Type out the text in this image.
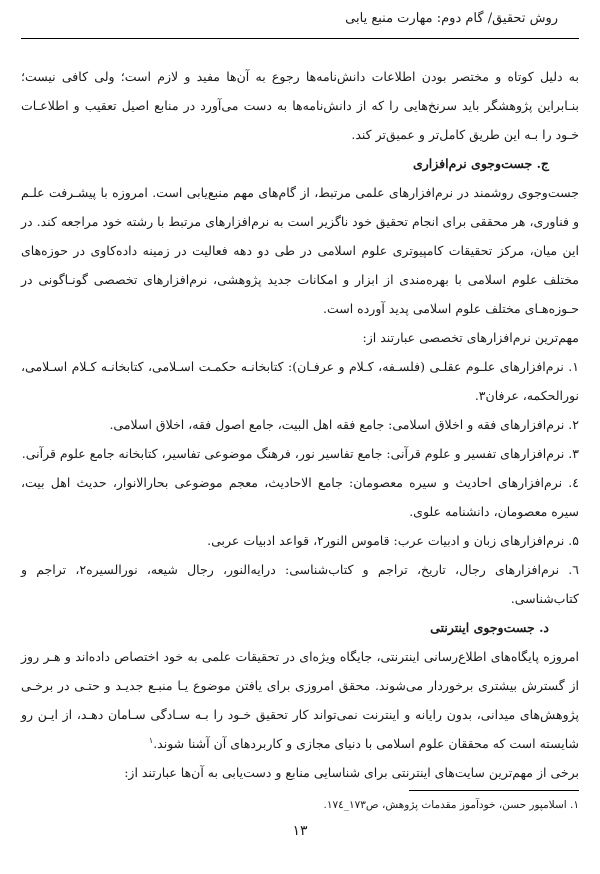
روش تحقیق/ گام دوم: مهارت منبع یابی

به دلیل کوتاه و مختصر بودن اطلاعات دانش‌نامه‌ها رجوع به آن‌ها مفید و لازم است؛ ولی کافی نیست؛ بنـابراین پژوهشگر باید سرنخ‌هایی را که از دانش‌نامه‌ها به دست می‌آورد در منابع اصیل تعقیب و اطلاعـات خـود را بـه این طریق کامل‌تر و عمیق‌تر کند.

ج. جست‌وجوی نرم‌افزاری

جست‌وجوی روشمند در نرم‌افزارهای علمی مرتبط، از گام‌های مهم منبع‌یابی است. امروزه با پیشـرفت علـم و فناوری، هر محققی برای انجام تحقیق خود ناگزیر است به نرم‌افزارهای مرتبط با رشته خود مراجعه کند. در این میان، مرکز تحقیقات کامپیوتری علوم اسلامی در طی دو دهه فعالیت در زمینه داده‌کاوی در حوزه‌های مختلف علوم اسلامی با بهره‌مندی از ابزار و امکانات جدید پژوهشی، نرم‌افزارهای تخصصی گونـاگونی در حـوزه‌هـای مختلف علوم اسلامی پدید آورده است.

مهم‌ترین نرم‌افزارهای تخصصی عبارتند از:

۱. نرم‌افزارهای علـوم عقلـی (فلسـفه، کـلام و عرفـان): کتابخانـه حکمـت اسـلامی، کتابخانـه کـلام اسـلامی، نورالحکمه، عرفان۳.

۲. نرم‌افزارهای فقه و اخلاق اسلامی: جامع فقه اهل البیت، جامع اصول فقه، اخلاق اسلامی.

۳. نرم‌افزارهای تفسیر و علوم قرآنی: جامع تفاسیر نور، فرهنگ موضوعی تفاسیر، کتابخانه جامع علوم قرآنی.

٤. نرم‌افزارهای احادیث و سیره معصومان: جامع الاحادیث، معجم موضوعی بحارالانوار، حدیث اهل بیت، سیره معصومان، دانشنامه علوی.

۵. نرم‌افزارهای زبان و ادبیات عرب: قاموس النور۲، قواعد ادبیات عربی.

٦. نرم‌افزارهای رجال، تاریخ، تراجم و کتاب‌شناسی: درایه‌النور، رجال شیعه، نورالسیره۲، تراجم و کتاب‌شناسی.

د. جست‌وجوی اینترنتی

امروزه پایگاه‌های اطلاع‌رسانی اینترنتی، جایگاه ویژه‌ای در تحقیقات علمی به خود اختصاص داده‌اند و هـر روز از گسترش بیشتری برخوردار می‌شوند. محقق امروزی برای یافتن موضوع یـا منبـع جدیـد و حتـی در برخـی پژوهش‌های میدانی، بدون رایانه و اینترنت نمی‌تواند کار تحقیق خـود را بـه سـادگی سـامان دهـد، از ایـن رو شایسته است که محققان علوم اسلامی با دنیای مجازی و کاربردهای آن آشنا شوند.$^۱$

برخی از مهم‌ترین سایت‌های اینترنتی برای شناسایی منابع و دست‌یابی به آن‌ها عبارتند از:

۱. اسلامپور حسن، خودآموز مقدمات پژوهش، ص۱۷۳_۱۷٤.
۱۳
